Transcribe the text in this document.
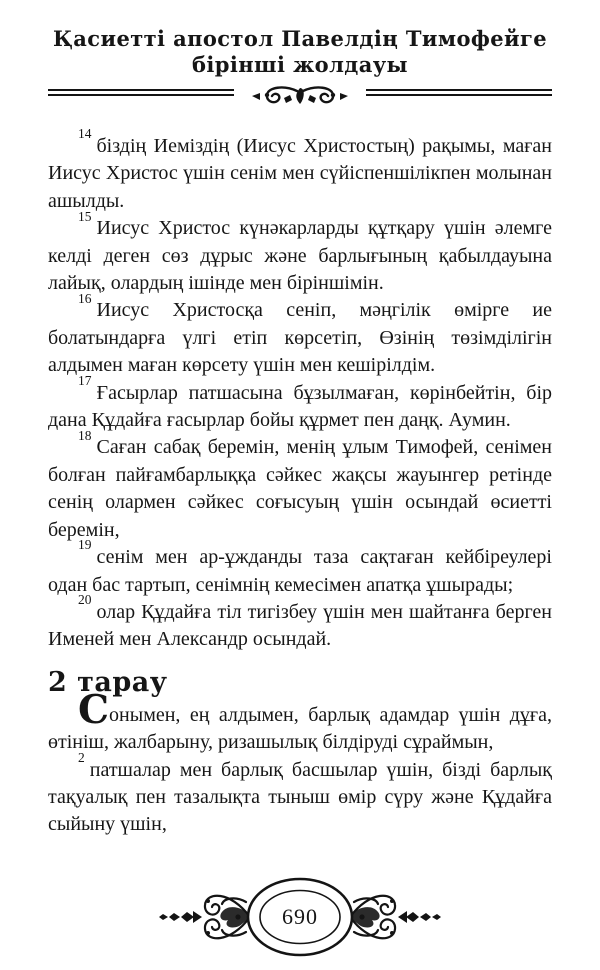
Қасиетті апостол Павелдің Тимофейге бірінші жолдауы

$^{14}$біздің Иеміздің (Иисус Христостың) рақымы, маған Иисус Христос үшін сенім мен сүйіспеншілікпен молынан ашылды.

$^{15}$Иисус Христос күнәкарларды құтқару үшін әлемге келді деген сөз дұрыс және барлығының қабылдауына лайық, олардың ішінде мен біріншімін.

$^{16}$Иисус Христосқа сеніп, мәңгілік өмірге ие болатындарға үлгі етіп көрсетіп, Өзінің төзімділігін алдымен маған көрсету үшін мен кешірілдім.

$^{17}$Ғасырлар патшасына бұзылмаған, көрінбейтін, бір дана Құдайға ғасырлар бойы құрмет пен даңқ. Аумин.

$^{18}$Саған сабақ беремін, менің ұлым Тимофей, сенімен болған пайғамбарлыққа сәйкес жақсы жауынгер ретінде сенің олармен сәйкес соғысуың үшін осындай өсиетті беремін,

$^{19}$сенім мен ар-ұжданды таза сақтаған кейбіреулері одан бас тартып, сенімнің кемесімен апатқа ұшырады;

$^{20}$олар Құдайға тіл тигізбеу үшін мен шайтанға берген Именей мен Александр осындай.

2 тарау

Сонымен, ең алдымен, барлық адамдар үшін дұға, өтініш, жалбарыну, ризашылық білдіруді сұраймын,

$^2$патшалар мен барлық басшылар үшін, бізді барлық тақуалық пен тазалықта тыныш өмір сүру және Құдайға сыйыну үшін,

690
